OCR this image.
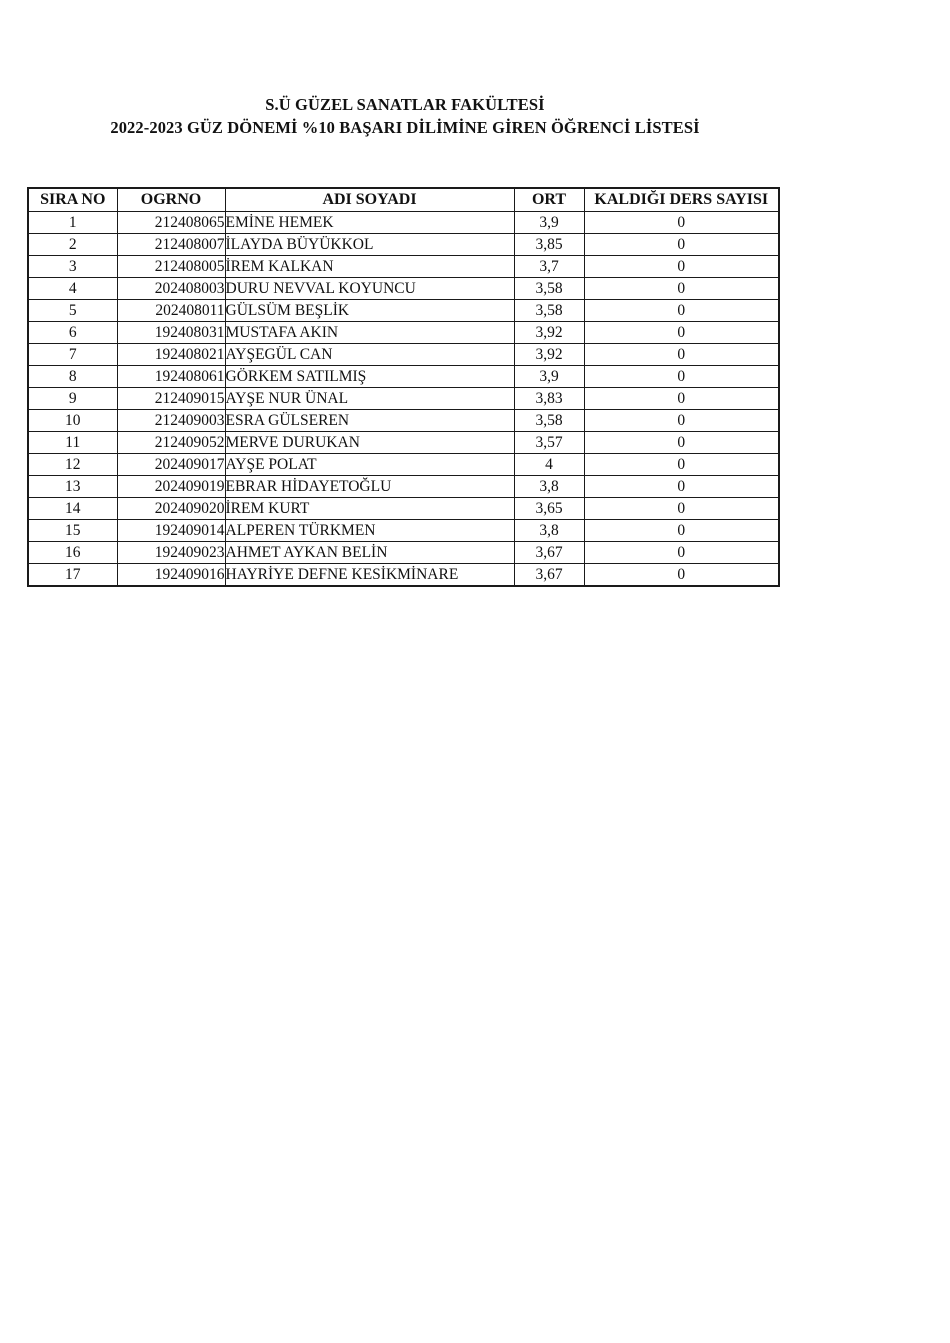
S.Ü GÜZEL SANATLAR FAKÜLTESİ
2022-2023 GÜZ DÖNEMİ %10 BAŞARI DİLİMİNE GİREN ÖĞRENCİ LİSTESİ
SIRA NO	OGRNO	ADI SOYADI	ORT	KALDIĞI DERS SAYISI
1	212408065	EMİNE HEMEK	3,9	0
2	212408007	İLAYDA BÜYÜKKOL	3,85	0
3	212408005	İREM KALKAN	3,7	0
4	202408003	DURU NEVVAL KOYUNCU	3,58	0
5	202408011	GÜLSÜM BEŞLİK	3,58	0
6	192408031	MUSTAFA AKIN	3,92	0
7	192408021	AYŞEGÜL CAN	3,92	0
8	192408061	GÖRKEM SATILMIŞ	3,9	0
9	212409015	AYŞE NUR ÜNAL	3,83	0
10	212409003	ESRA GÜLSEREN	3,58	0
11	212409052	MERVE DURUKAN	3,57	0
12	202409017	AYŞE POLAT	4	0
13	202409019	EBRAR HİDAYETOĞLU	3,8	0
14	202409020	İREM KURT	3,65	0
15	192409014	ALPEREN TÜRKMEN	3,8	0
16	192409023	AHMET AYKAN BELİN	3,67	0
17	192409016	HAYRİYE DEFNE KESİKMİNARE	3,67	0
